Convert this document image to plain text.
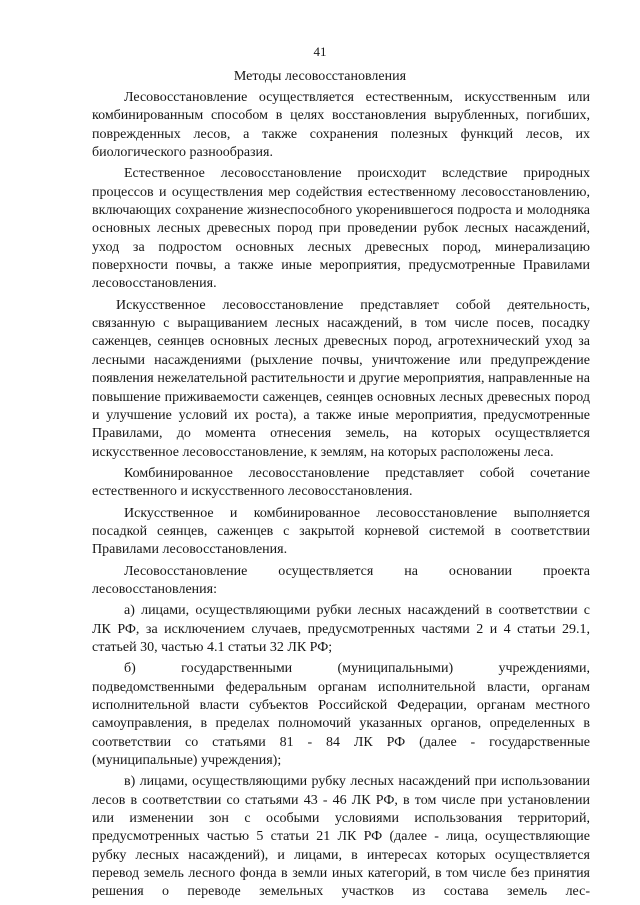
41
Методы лесовосстановления

Лесовосстановление осуществляется естественным, искусственным или комбинированным способом в целях восстановления вырубленных, погибших, поврежденных лесов, а также сохранения полезных функций лесов, их биологического разнообразия.

Естественное лесовосстановление происходит вследствие природных процессов и осуществления мер содействия естественному лесовосстановлению, включающих сохранение жизнеспособного укоренившегося подроста и молодняка основных лесных древесных пород при проведении рубок лесных насаждений, уход за подростом основных лесных древесных пород, минерализацию поверхности почвы, а также иные мероприятия, предусмотренные Правилами лесовосстановления.

Искусственное лесовосстановление представляет собой деятельность, связанную с выращиванием лесных насаждений, в том числе посев, посадку саженцев, сеянцев основных лесных древесных пород, агротехнический уход за лесными насаждениями (рыхление почвы, уничтожение или предупреждение появления нежелательной растительности и другие мероприятия, направленные на повышение приживаемости саженцев, сеянцев основных лесных древесных пород и улучшение условий их роста), а также иные мероприятия, предусмотренные Правилами, до момента отнесения земель, на которых осуществляется искусственное лесовосстановление, к землям, на которых расположены леса.

Комбинированное лесовосстановление представляет собой сочетание естественного и искусственного лесовосстановления.

Искусственное и комбинированное лесовосстановление выполняется посадкой сеянцев, саженцев с закрытой корневой системой в соответствии Правилами лесовосстановления.

Лесовосстановление осуществляется на основании проекта лесовосстановления:

а) лицами, осуществляющими рубки лесных насаждений в соответствии с ЛК РФ, за исключением случаев, предусмотренных частями 2 и 4 статьи 29.1, статьей 30, частью 4.1 статьи 32 ЛК РФ;

б) государственными (муниципальными) учреждениями, подведомственными федеральным органам исполнительной власти, органам исполнительной власти субъектов Российской Федерации, органам местного самоуправления, в пределах полномочий указанных органов, определенных в соответствии со статьями 81 - 84 ЛК РФ (далее - государственные (муниципальные) учреждения);

в) лицами, осуществляющими рубку лесных насаждений при использовании лесов в соответствии со статьями 43 - 46 ЛК РФ, в том числе при установлении или изменении зон с особыми условиями использования территорий, предусмотренных частью 5 статьи 21 ЛК РФ (далее - лица, осуществляющие рубку лесных насаждений), и лицами, в интересах которых осуществляется перевод земель лесного фонда в земли иных категорий, в том числе без принятия решения о переводе земельных участков из состава земель лес-
